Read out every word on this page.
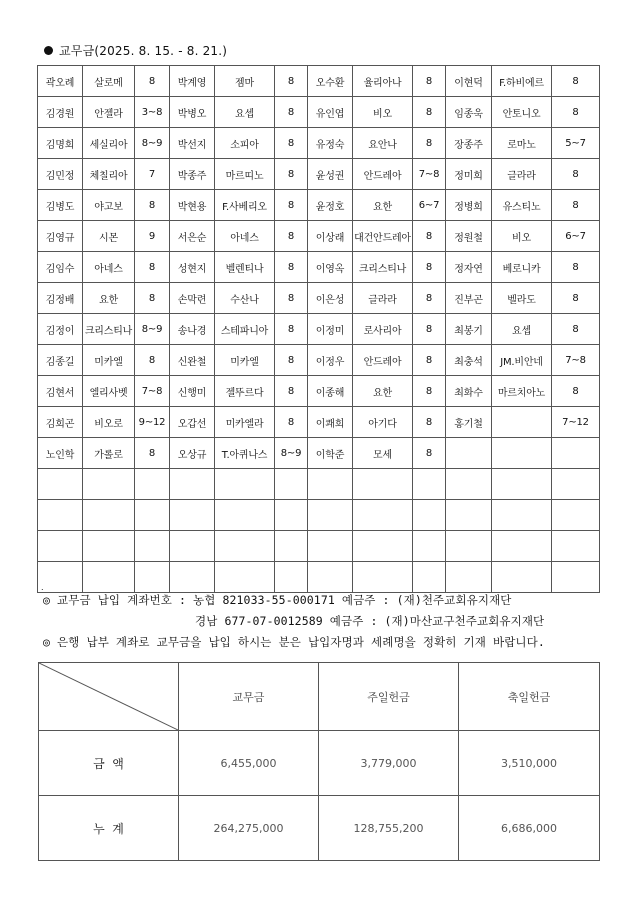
교무금(2025. 8. 15. - 8. 21.)
곽오례	살로메	8	박계영	젬마	8	오수환	율리아나	8	이현덕	F.하비에르	8
김경원	안젤라	3~8	박병오	요셉	8	유인엽	비오	8	임종욱	안토니오	8
김명희	세실리아	8~9	박선지	소피아	8	유정숙	요안나	8	장종주	로마노	5~7
김민정	체칠리아	7	박종주	마르띠노	8	윤성권	안드레아	7~8	정미희	글라라	8
김병도	야고보	8	박현용	F.사베리오	8	윤정호	요한	6~7	정병희	유스티노	8
김영규	시몬	9	서은순	아네스	8	이상래	대건안드레아	8	정원철	비오	6~7
김임수	아네스	8	성현지	벨렌티나	8	이영옥	크리스티나	8	정자연	베로니카	8
김정배	요한	8	손막련	수산나	8	이은성	글라라	8	진부곤	벨라도	8
김정이	크리스티나	8~9	송나경	스테파니아	8	이정미	로사리아	8	최봉기	요셉	8
김종길	미카엘	8	신완철	미카엘	8	이정우	안드레아	8	최충석	JM.비안네	7~8
김현서	엘리사벳	7~8	신행미	젤뚜르다	8	이종해	요한	8	최화수	마르치아노	8
김희곤	비오로	9~12	오갑선	미카엘라	8	이쾌희	아기다	8	홍기철		7~12
노인학	가롤로	8	오상규	T.아퀴나스	8~9	이학준	모세	8			

.											
◎ 교무금 납입 계좌번호 : 농협 821033-55-000171 예금주 : (재)천주교회유지재단
경남 677-07-0012589 예금주 : (재)마산교구천주교회유지재단
◎ 은행 납부 계좌로 교무금을 납입 하시는 분은 납입자명과 세례명을 정확히 기재 바랍니다.
	교무금	주일헌금	축일헌금
금  액	6,455,000	3,779,000	3,510,000
누  계	264,275,000	128,755,200	6,686,000
